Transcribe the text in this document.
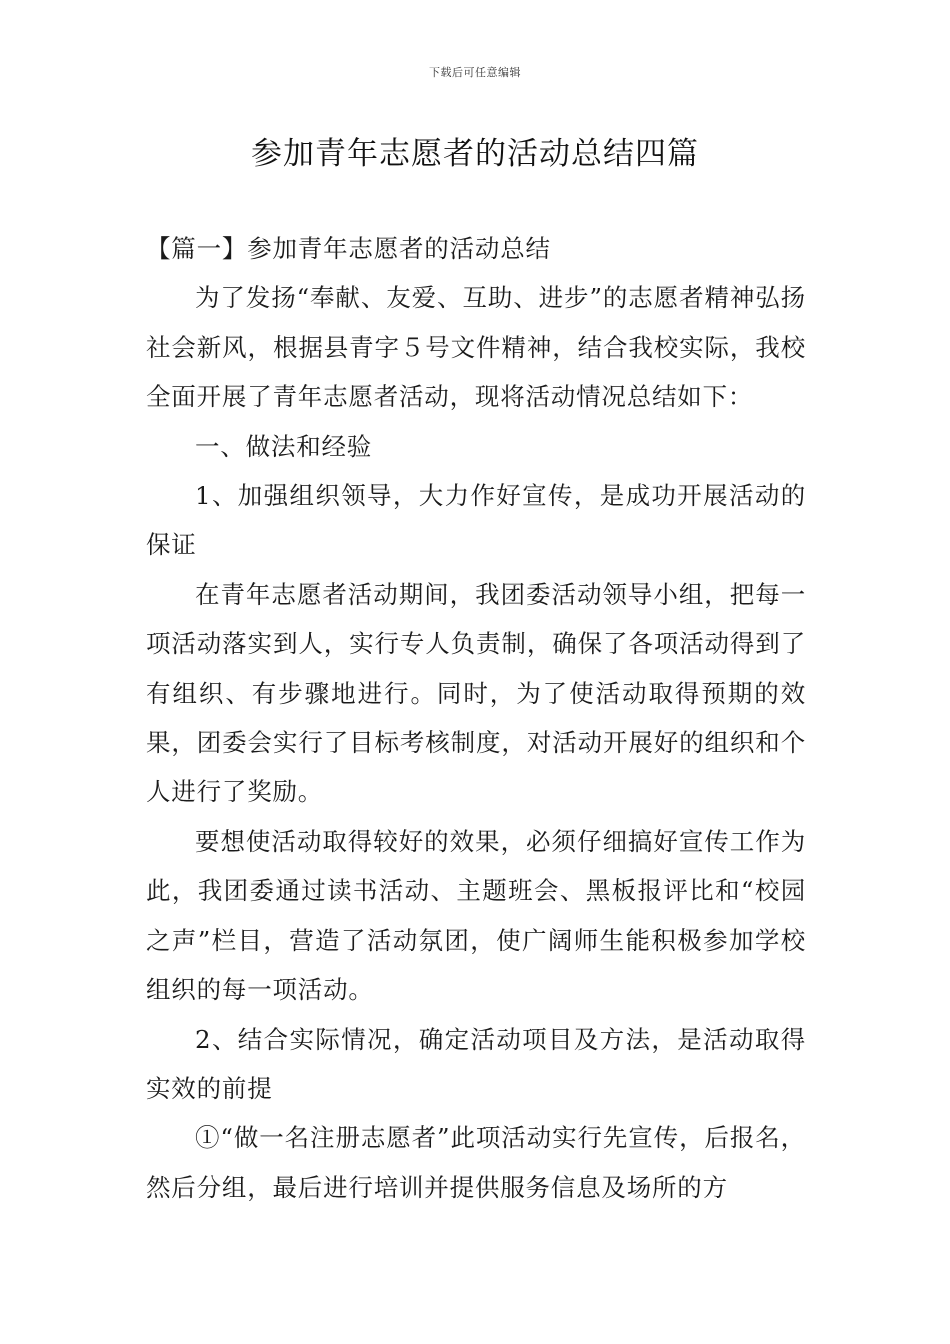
下载后可任意编辑
参加青年志愿者的活动总结四篇

【篇一】参加青年志愿者的活动总结

为了发扬“奉献、友爱、互助、进步”的志愿者精神弘扬社会新风，根据县青字５号文件精神，结合我校实际，我校全面开展了青年志愿者活动，现将活动情况总结如下：

一、做法和经验

1、加强组织领导，大力作好宣传，是成功开展活动的保证

在青年志愿者活动期间，我团委活动领导小组，把每一项活动落实到人，实行专人负责制，确保了各项活动得到了有组织、有步骤地进行。同时，为了使活动取得预期的效果，团委会实行了目标考核制度，对活动开展好的组织和个人进行了奖励。

要想使活动取得较好的效果，必须仔细搞好宣传工作为此，我团委通过读书活动、主题班会、黑板报评比和“校园之声”栏目，营造了活动氛团，使广阔师生能积极参加学校组织的每一项活动。

2、结合实际情况，确定活动项目及方法，是活动取得实效的前提

①“做一名注册志愿者”此项活动实行先宣传，后报名，然后分组，最后进行培训并提供服务信息及场所的方
